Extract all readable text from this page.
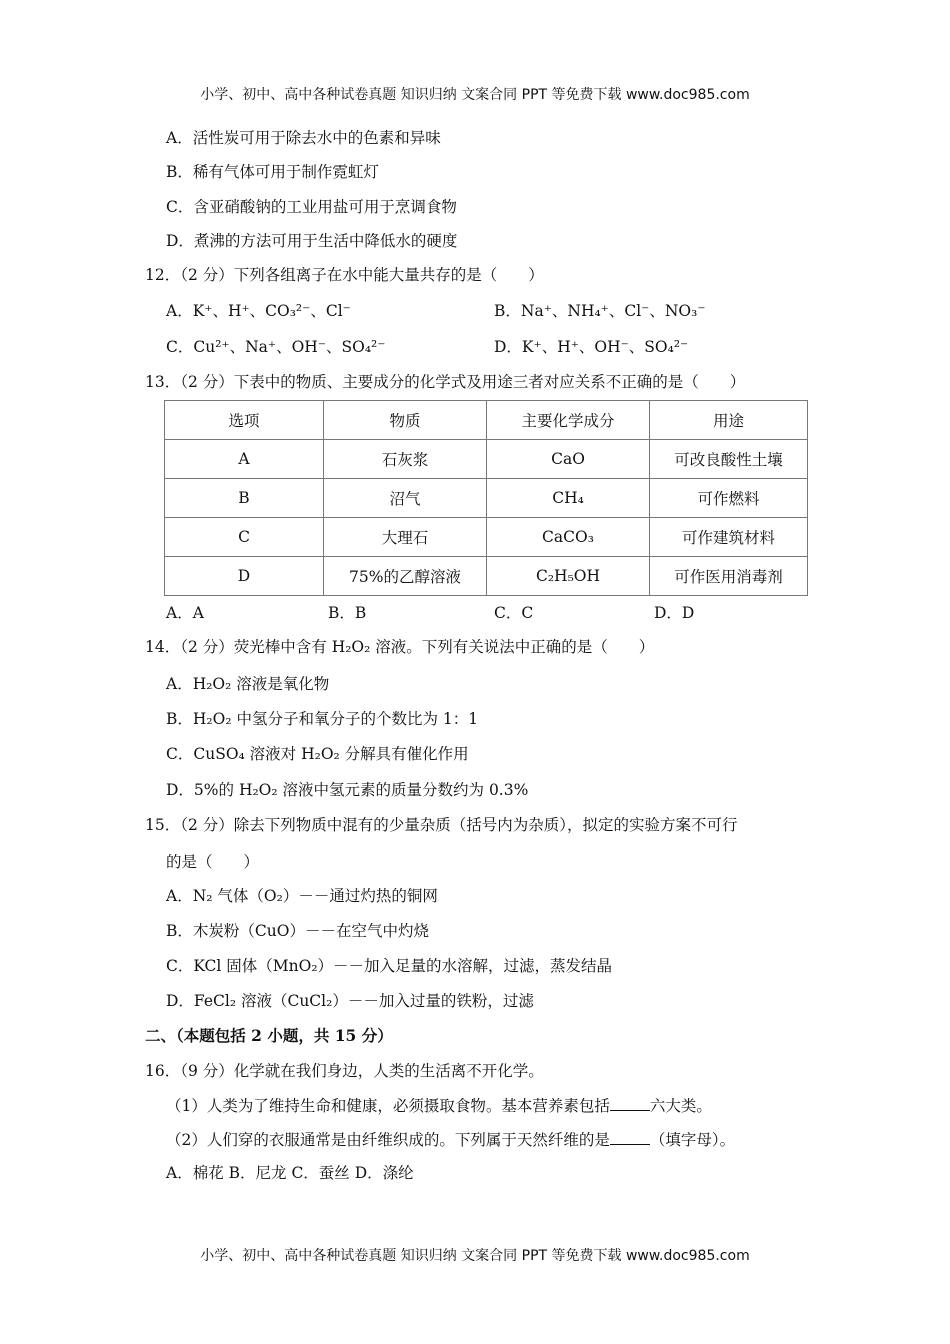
小学、初中、高中各种试卷真题 知识归纳 文案合同 PPT 等免费下载 www.doc985.com
A．活性炭可用于除去水中的色素和异味
B．稀有气体可用于制作霓虹灯
C．含亚硝酸钠的工业用盐可用于烹调食物
D．煮沸的方法可用于生活中降低水的硬度
12．（2 分）下列各组离子在水中能大量共存的是（　　）
A．K⁺、H⁺、CO₃²⁻、Cl⁻	B．Na⁺、NH₄⁺、Cl⁻、NO₃⁻
C．Cu²⁺、Na⁺、OH⁻、SO₄²⁻	D．K⁺、H⁺、OH⁻、SO₄²⁻
13．（2 分）下表中的物质、主要成分的化学式及用途三者对应关系不正确的是（　　）
选项	物质	主要化学成分	用途
A	石灰浆	CaO	可改良酸性土壤
B	沼气	CH₄	可作燃料
C	大理石	CaCO₃	可作建筑材料
D	75%的乙醇溶液	C₂H₅OH	可作医用消毒剂
A．A	B．B	C．C	D．D
14．（2 分）荧光棒中含有 H₂O₂ 溶液。下列有关说法中正确的是（　　）
A．H₂O₂ 溶液是氧化物
B．H₂O₂ 中氢分子和氧分子的个数比为 1：1
C．CuSO₄ 溶液对 H₂O₂ 分解具有催化作用
D．5%的 H₂O₂ 溶液中氢元素的质量分数约为 0.3%
15．（2 分）除去下列物质中混有的少量杂质（括号内为杂质），拟定的实验方案不可行
的是（　　）
A．N₂ 气体（O₂）－－通过灼热的铜网
B．木炭粉（CuO）－－在空气中灼烧
C．KCl 固体（MnO₂）－－加入足量的水溶解，过滤，蒸发结晶
D．FeCl₂ 溶液（CuCl₂）－－加入过量的铁粉，过滤
二、（本题包括 2 小题，共 15 分）
16．（9 分）化学就在我们身边，人类的生活离不开化学。
（1）人类为了维持生命和健康，必须摄取食物。基本营养素包括	六大类。
（2）人们穿的衣服通常是由纤维织成的。下列属于天然纤维的是	（填字母）。
A．棉花 B．尼龙 C．蚕丝 D．涤纶
小学、初中、高中各种试卷真题 知识归纳 文案合同 PPT 等免费下载 www.doc985.com
